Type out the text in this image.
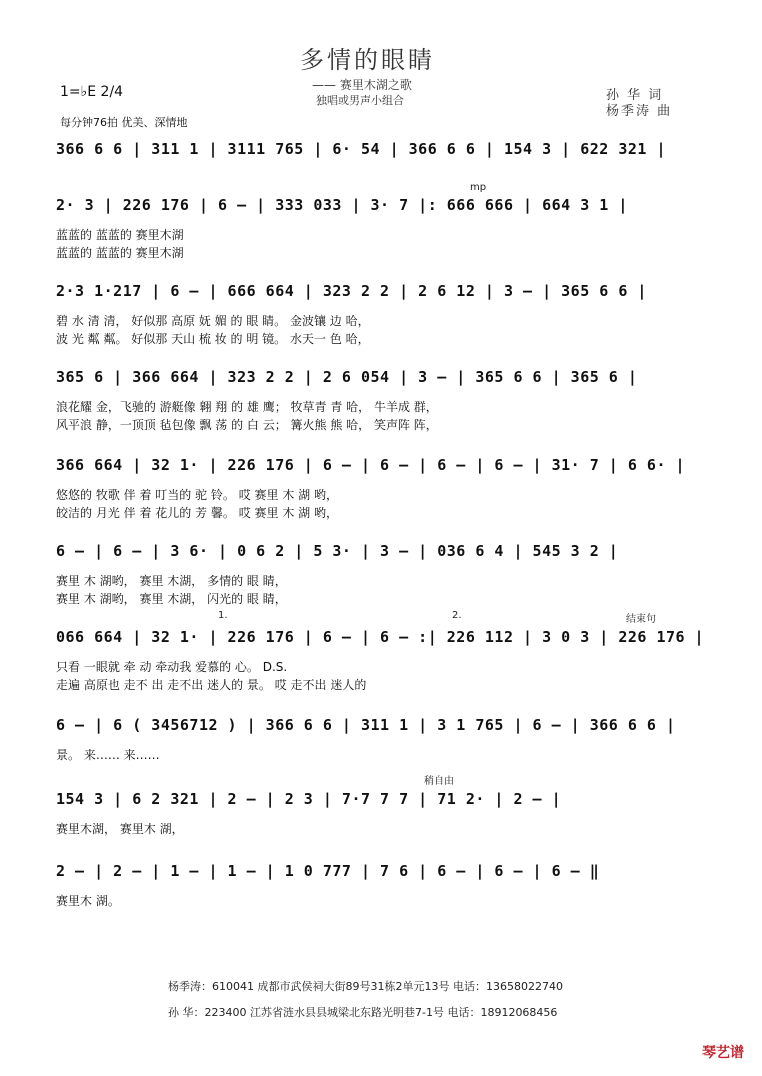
多情的眼睛
—— 赛里木湖之歌
独唱或男声小组合	孙 华 词
杨季涛 曲
1=♭E 2/4
每分钟76拍 优美、深情地
366 6 6 | 311 1 | 3111 765 | 6· 54 | 366 6 6 | 154 3 | 622 321 |
2· 3 | 226 176 | 6 – | 333 033 | 3· 7 |: 666 666 | 664 3 1 |
蓝蓝的 蓝蓝的 赛里木湖
蓝蓝的 蓝蓝的 赛里木湖
2·3 1·217 | 6 – | 666 664 | 323 2 2 | 2 6 12 | 3 – | 365 6 6 |
碧 水 清 清， 好似那 高原 妩 媚 的 眼 睛。 金波镶 边 哈，
波 光 粼 粼。 好似那 天山 梳 妆 的 明 镜。 水天一 色 哈，
365 6 | 366 664 | 323 2 2 | 2 6 054 | 3 – | 365 6 6 | 365 6 |
浪花耀 金，飞驰的 游艇像 翱 翔 的 雄 鹰； 牧草青 青 哈， 牛羊成 群，
风平浪 静，一顶顶 毡包像 飘 荡 的 白 云； 篝火熊 熊 哈， 笑声阵 阵，
366 664 | 32 1· | 226 176 | 6 – | 6 – | 6 – | 6 – | 31· 7 | 6 6· |
悠悠的 牧歌 伴 着 叮当的 驼 铃。 哎 赛里 木 湖 哟，
皎洁的 月光 伴 着 花儿的 芳 馨。 哎 赛里 木 湖 哟，
6 – | 6 – | 3 6· | 0 6 2 | 5 3· | 3 – | 036 6 4 | 545 3 2 |
赛里 木 湖哟， 赛里 木湖， 多情的 眼 睛，
赛里 木 湖哟， 赛里 木湖， 闪光的 眼 睛，
066 664 | 32 1· | 226 176 | 6 – | 6 – :| 226 112 | 3 0 3 | 226 176 |
只看 一眼就 牵 动 牵动我 爱慕的 心。 D.S.
走遍 高原也 走不 出 走不出 迷人的 景。 哎 走不出 迷人的
6 – | 6 ( 3456712 ) | 366 6 6 | 311 1 | 3 1 765 | 6 – | 366 6 6 |
景。 来…… 来……
154 3 | 6 2 321 | 2 – | 2 3 | 7·7 7 7 | 71 2· | 2 – |
赛里木湖， 赛里木 湖，
2 – | 2 – | 1 – | 1 – | 1 0 777 | 7 6 | 6 – | 6 – | 6 – ‖
赛里木 湖。
mp
1.	2.	结束句
稍自由
杨季涛：610041 成都市武侯祠大街89号31栋2单元13号 电话：13658022740
孙 华：223400 江苏省涟水县县城梁北东路光明巷7-1号 电话：18912068456
琴艺谱
